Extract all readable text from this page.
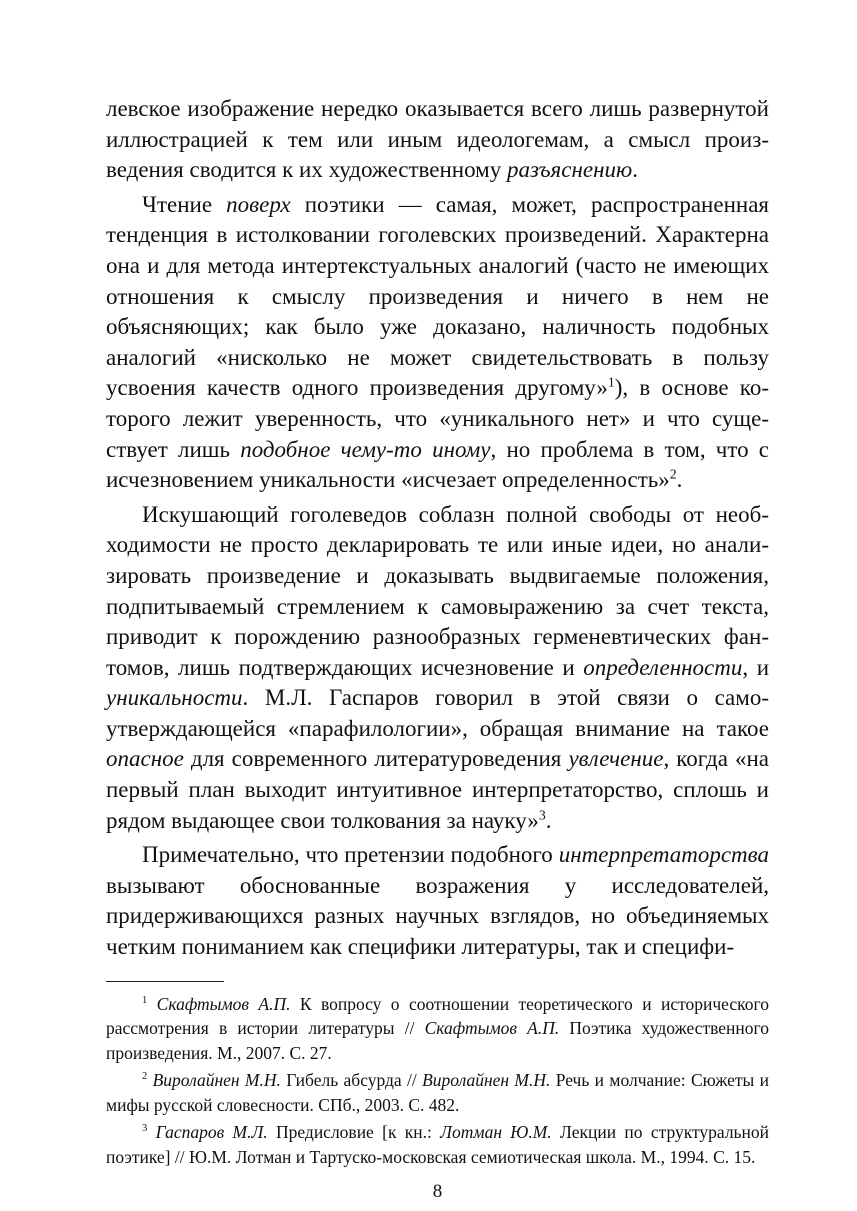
левское изображение нередко оказывается всего лишь развернутой иллюстрацией к тем или иным идеологемам, а смысл произведения сводится к их художественному разъяснению.

Чтение поверх поэтики — самая, может, распространенная тенденция в истолковании гоголевских произведений. Характерна она и для метода интертекстуальных аналогий (часто не имеющих отношения к смыслу произведения и ничего в нем не объясняющих; как было уже доказано, наличность подобных аналогий «нисколько не может свидетельствовать в пользу усвоения качеств одного произведения другому»$^1$), в основе которого лежит уверенность, что «уникального нет» и что существует лишь подобное чему-то иному, но проблема в том, что с исчезновением уникальности «исчезает определенность»$^2$.

Искушающий гоголеведов соблазн полной свободы от необходимости не просто декларировать те или иные идеи, но анализировать произведение и доказывать выдвигаемые положения, подпитываемый стремлением к самовыражению за счет текста, приводит к порождению разнообразных герменевтических фантомов, лишь подтверждающих исчезновение и определенности, и уникальности. М.Л. Гаспаров говорил в этой связи о самоутверждающейся «парафилологии», обращая внимание на такое опасное для современного литературоведения увлечение, когда «на первый план выходит интуитивное интерпретаторство, сплошь и рядом выдающее свои толкования за науку»$^3$.

Примечательно, что претензии подобного интерпретаторства вызывают обоснованные возражения у исследователей, придерживающихся разных научных взглядов, но объединяемых четким пониманием как специфики литературы, так и специфи-

$^1$ Скафтымов А.П. К вопросу о соотношении теоретического и исторического рассмотрения в истории литературы // Скафтымов А.П. Поэтика художественного произведения. М., 2007. С. 27.

$^2$ Виролайнен М.Н. Гибель абсурда // Виролайнен М.Н. Речь и молчание: Сюжеты и мифы русской словесности. СПб., 2003. С. 482.

$^3$ Гаспаров М.Л. Предисловие [к кн.: Лотман Ю.М. Лекции по структуральной поэтике] // Ю.М. Лотман и Тартуско-московская семиотическая школа. М., 1994. С. 15.

8
